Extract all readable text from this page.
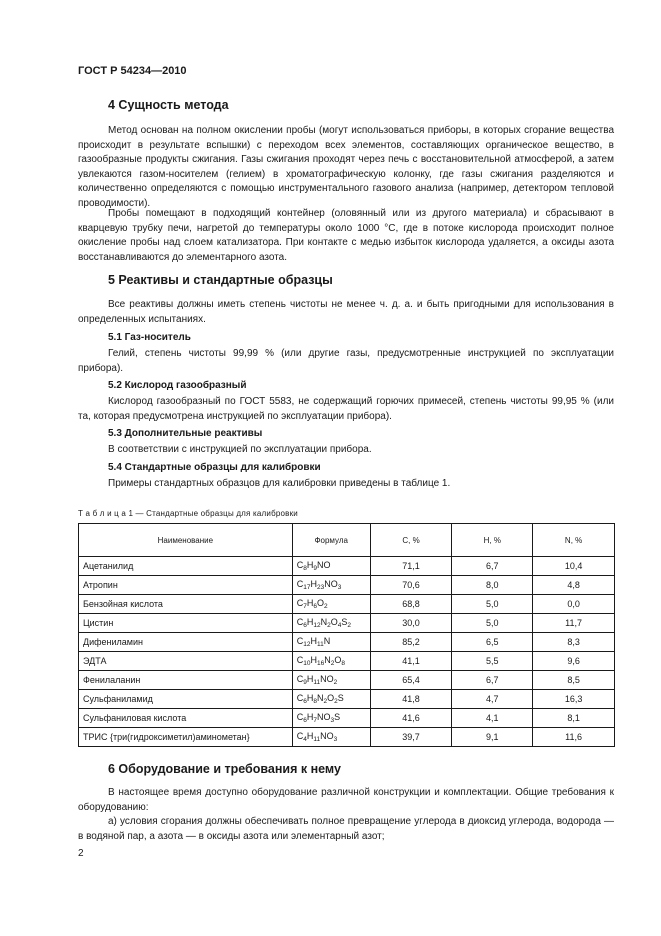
ГОСТ Р 54234—2010
4 Сущность метода

Метод основан на полном окислении пробы (могут использоваться приборы, в которых сгорание вещества происходит в результате вспышки) с переходом всех элементов, составляющих органическое вещество, в газообразные продукты сжигания. Газы сжигания проходят через печь с восстановительной атмосферой, а затем увлекаются газом-носителем (гелием) в хроматографическую колонку, где газы сжигания разделяются и количественно определяются с помощью инструментального газового анализа (например, детектором тепловой проводимости).

Пробы помещают в подходящий контейнер (оловянный или из другого материала) и сбрасывают в кварцевую трубку печи, нагретой до температуры около 1000 °C, где в потоке кислорода происходит полное окисление пробы над слоем катализатора. При контакте с медью избыток кислорода удаляется, а оксиды азота восстанавливаются до элементарного азота.

5 Реактивы и стандартные образцы

Все реактивы должны иметь степень чистоты не менее ч. д. а. и быть пригодными для использования в определенных испытаниях.

5.1 Газ-носитель

Гелий, степень чистоты 99,99 % (или другие газы, предусмотренные инструкцией по эксплуатации прибора).

5.2 Кислород газообразный

Кислород газообразный по ГОСТ 5583, не содержащий горючих примесей, степень чистоты 99,95 % (или та, которая предусмотрена инструкцией по эксплуатации прибора).

5.3 Дополнительные реактивы

В соответствии с инструкцией по эксплуатации прибора.

5.4 Стандартные образцы для калибровки

Примеры стандартных образцов для калибровки приведены в таблице 1.

Т а б л и ц а 1 — Стандартные образцы для калибровки
Наименование	Формула	C, %	H, %	N, %
Ацетанилид	$C_8H_9NO$	71,1	6,7	10,4
Атропин	$C_{17}H_{23}NO_3$	70,6	8,0	4,8
Бензойная кислота	$C_7H_6O_2$	68,8	5,0	0,0
Цистин	$C_6H_{12}N_2O_4S_2$	30,0	5,0	11,7
Дифениламин	$C_{12}H_{11}N$	85,2	6,5	8,3
ЭДТА	$C_{10}H_{16}N_2O_8$	41,1	5,5	9,6
Фенилаланин	$C_9H_{11}NO_2$	65,4	6,7	8,5
Сульфаниламид	$C_6H_8N_2O_2S$	41,8	4,7	16,3
Сульфаниловая кислота	$C_6H_7NO_3S$	41,6	4,1	8,1
ТРИС {три(гидроксиметил)аминометан}	$C_4H_{11}NO_3$	39,7	9,1	11,6
6 Оборудование и требования к нему

В настоящее время доступно оборудование различной конструкции и комплектации. Общие требования к оборудованию:

а) условия сгорания должны обеспечивать полное превращение углерода в диоксид углерода, водорода — в водяной пар, а азота — в оксиды азота или элементарный азот;

2
